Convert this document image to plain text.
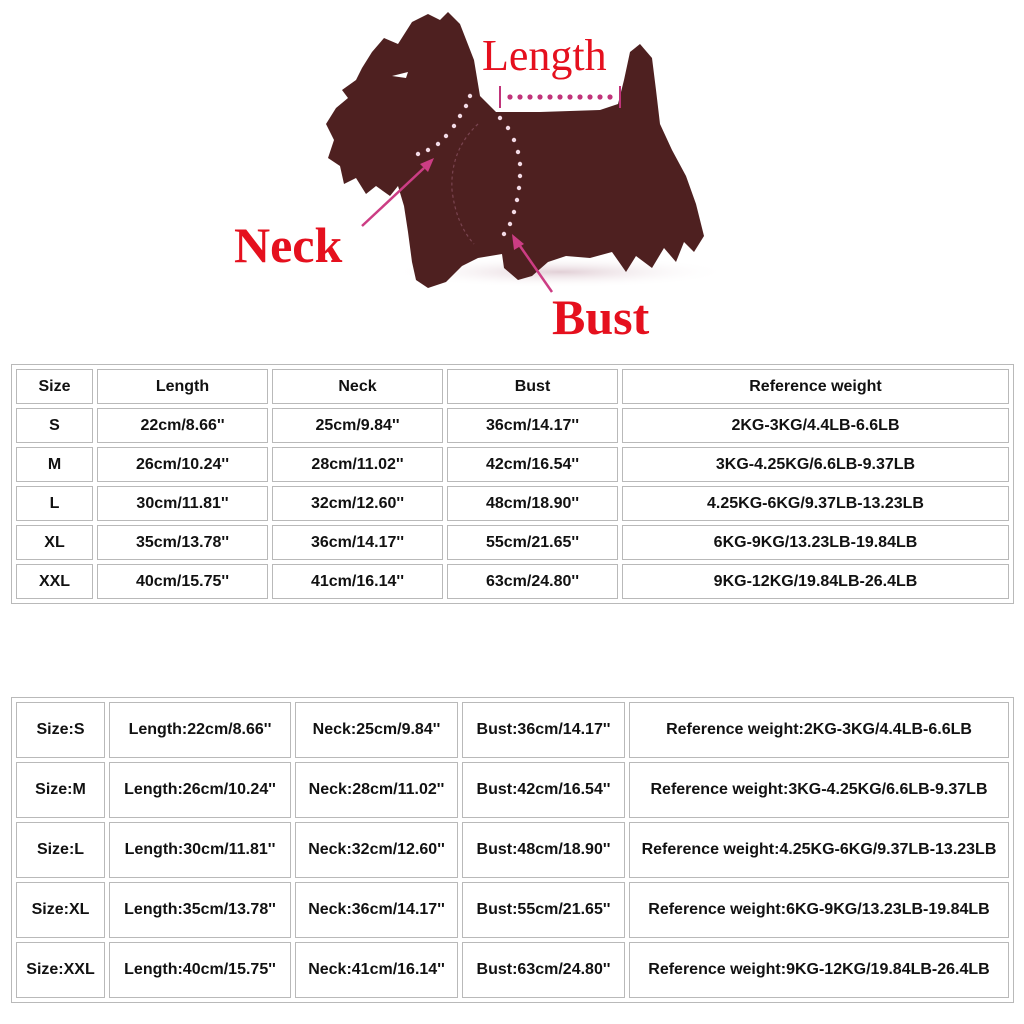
Length
Neck
Bust
Size	Length	Neck	Bust	Reference weight
S	22cm/8.66''	25cm/9.84''	36cm/14.17''	2KG-3KG/4.4LB-6.6LB
M	26cm/10.24''	28cm/11.02''	42cm/16.54''	3KG-4.25KG/6.6LB-9.37LB
L	30cm/11.81''	32cm/12.60''	48cm/18.90''	4.25KG-6KG/9.37LB-13.23LB
XL	35cm/13.78''	36cm/14.17''	55cm/21.65''	6KG-9KG/13.23LB-19.84LB
XXL	40cm/15.75''	41cm/16.14''	63cm/24.80''	9KG-12KG/19.84LB-26.4LB
Size:S	Length:22cm/8.66''	Neck:25cm/9.84''	Bust:36cm/14.17''	Reference weight:2KG-3KG/4.4LB-6.6LB
Size:M	Length:26cm/10.24''	Neck:28cm/11.02''	Bust:42cm/16.54''	Reference weight:3KG-4.25KG/6.6LB-9.37LB
Size:L	Length:30cm/11.81''	Neck:32cm/12.60''	Bust:48cm/18.90''	Reference weight:4.25KG-6KG/9.37LB-13.23LB
Size:XL	Length:35cm/13.78''	Neck:36cm/14.17''	Bust:55cm/21.65''	Reference weight:6KG-9KG/13.23LB-19.84LB
Size:XXL	Length:40cm/15.75''	Neck:41cm/16.14''	Bust:63cm/24.80''	Reference weight:9KG-12KG/19.84LB-26.4LB
